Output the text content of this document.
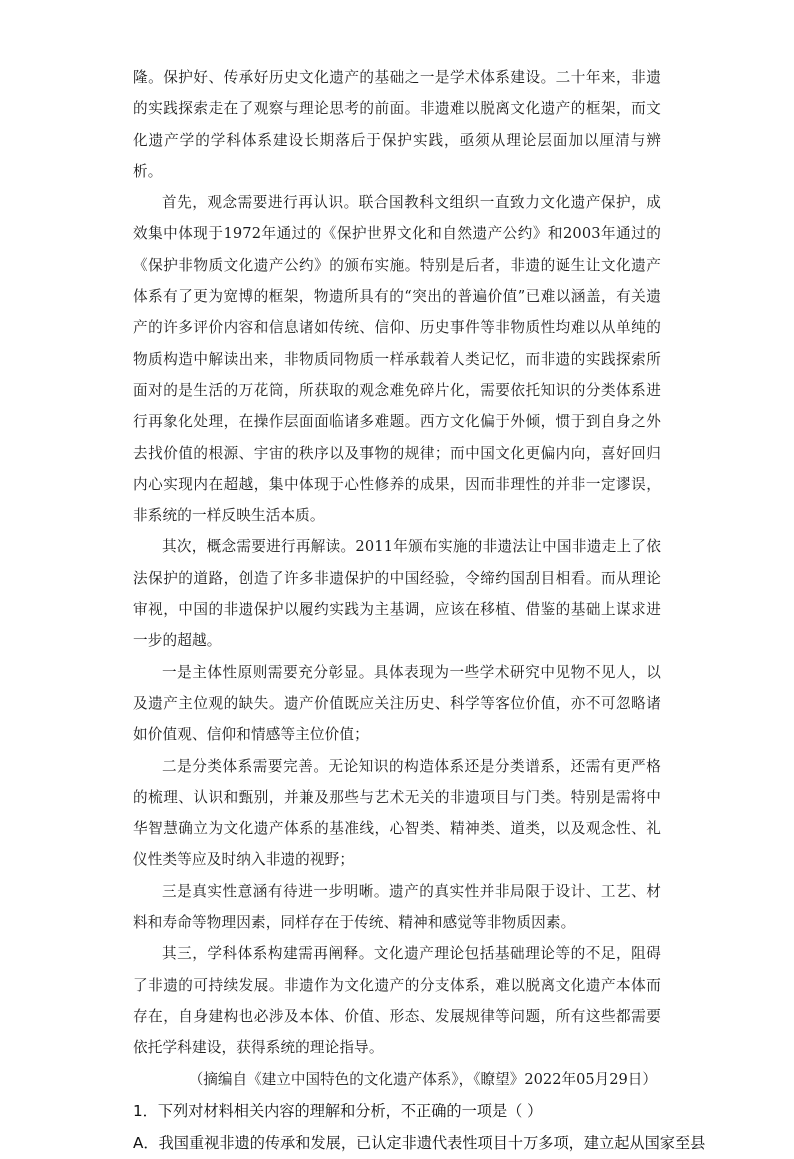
隆。保护好、传承好历史文化遗产的基础之一是学术体系建设。二十年来，非遗的实践探索走在了观察与理论思考的前面。非遗难以脱离文化遗产的框架，而文化遗产学的学科体系建设长期落后于保护实践，亟须从理论层面加以厘清与辨析。

首先，观念需要进行再认识。联合国教科文组织一直致力文化遗产保护，成效集中体现于1972年通过的《保护世界文化和自然遗产公约》和2003年通过的《保护非物质文化遗产公约》的颁布实施。特别是后者，非遗的诞生让文化遗产体系有了更为宽博的框架，物遗所具有的“突出的普遍价值”已难以涵盖，有关遗产的许多评价内容和信息诸如传统、信仰、历史事件等非物质性均难以从单纯的物质构造中解读出来，非物质同物质一样承载着人类记忆，而非遗的实践探索所面对的是生活的万花筒，所获取的观念难免碎片化，需要依托知识的分类体系进行再象化处理，在操作层面面临诸多难题。西方文化偏于外倾，惯于到自身之外去找价值的根源、宇宙的秩序以及事物的规律；而中国文化更偏内向，喜好回归内心实现内在超越，集中体现于心性修养的成果，因而非理性的并非一定谬误，非系统的一样反映生活本质。

其次，概念需要进行再解读。2011年颁布实施的非遗法让中国非遗走上了依法保护的道路，创造了许多非遗保护的中国经验，令缔约国刮目相看。而从理论审视，中国的非遗保护以履约实践为主基调，应该在移植、借鉴的基础上谋求进一步的超越。

一是主体性原则需要充分彰显。具体表现为一些学术研究中见物不见人，以及遗产主位观的缺失。遗产价值既应关注历史、科学等客位价值，亦不可忽略诸如价值观、信仰和情感等主位价值；

二是分类体系需要完善。无论知识的构造体系还是分类谱系，还需有更严格的梳理、认识和甄别，并兼及那些与艺术无关的非遗项目与门类。特别是需将中华智慧确立为文化遗产体系的基准线，心智类、精神类、道类，以及观念性、礼仪性类等应及时纳入非遗的视野；

三是真实性意涵有待进一步明晰。遗产的真实性并非局限于设计、工艺、材料和寿命等物理因素，同样存在于传统、精神和感觉等非物质因素。

其三，学科体系构建需再阐释。文化遗产理论包括基础理论等的不足，阻碍了非遗的可持续发展。非遗作为文化遗产的分支体系，难以脱离文化遗产本体而存在，自身建构也必涉及本体、价值、形态、发展规律等问题，所有这些都需要依托学科建设，获得系统的理论指导。

（摘编自《建立中国特色的文化遗产体系》，《瞭望》2022年05月29日）

1．下列对材料相关内容的理解和分析，不正确的一项是（ ）

A．我国重视非遗的传承和发展，已认定非遗代表性项目十万多项，建立起从国家至县
